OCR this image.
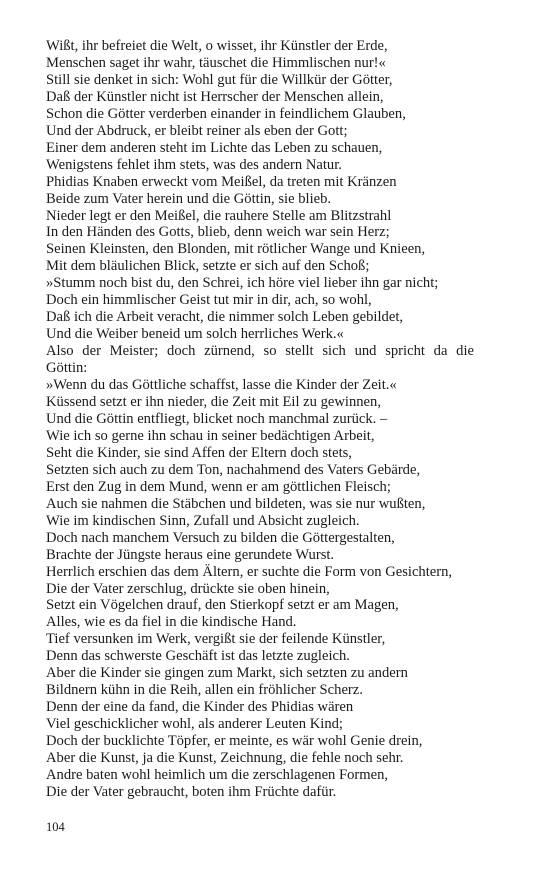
Wißt, ihr befreiet die Welt, o wisset, ihr Künstler der Erde,
Menschen saget ihr wahr, täuschet die Himmlischen nur!«
Still sie denket in sich: Wohl gut für die Willkür der Götter,
Daß der Künstler nicht ist Herrscher der Menschen allein,
Schon die Götter verderben einander in feindlichem Glauben,
Und der Abdruck, er bleibt reiner als eben der Gott;
Einer dem anderen steht im Lichte das Leben zu schauen,
Wenigstens fehlet ihm stets, was des andern Natur.
Phidias Knaben erweckt vom Meißel, da treten mit Kränzen
Beide zum Vater herein und die Göttin, sie blieb.
Nieder legt er den Meißel, die rauhere Stelle am Blitzstrahl
In den Händen des Gotts, blieb, denn weich war sein Herz;
Seinen Kleinsten, den Blonden, mit rötlicher Wange und Knieen,
Mit dem bläulichen Blick, setzte er sich auf den Schoß;
»Stumm noch bist du, den Schrei, ich höre viel lieber ihn gar nicht;
Doch ein himmlischer Geist tut mir in dir, ach, so wohl,
Daß ich die Arbeit veracht, die nimmer solch Leben gebildet,
Und die Weiber beneid um solch herrliches Werk.«
Also der Meister; doch zürnend, so stellt sich und spricht da die
Göttin:
»Wenn du das Göttliche schaffst, lasse die Kinder der Zeit.«
Küssend setzt er ihn nieder, die Zeit mit Eil zu gewinnen,
Und die Göttin entfliegt, blicket noch manchmal zurück. –
Wie ich so gerne ihn schau in seiner bedächtigen Arbeit,
Seht die Kinder, sie sind Affen der Eltern doch stets,
Setzten sich auch zu dem Ton, nachahmend des Vaters Gebärde,
Erst den Zug in dem Mund, wenn er am göttlichen Fleisch;
Auch sie nahmen die Stäbchen und bildeten, was sie nur wußten,
Wie im kindischen Sinn, Zufall und Absicht zugleich.
Doch nach manchem Versuch zu bilden die Göttergestalten,
Brachte der Jüngste heraus eine gerundete Wurst.
Herrlich erschien das dem Ältern, er suchte die Form von Gesichtern,
Die der Vater zerschlug, drückte sie oben hinein,
Setzt ein Vögelchen drauf, den Stierkopf setzt er am Magen,
Alles, wie es da fiel in die kindische Hand.
Tief versunken im Werk, vergißt sie der feilende Künstler,
Denn das schwerste Geschäft ist das letzte zugleich.
Aber die Kinder sie gingen zum Markt, sich setzten zu andern
Bildnern kühn in die Reih, allen ein fröhlicher Scherz.
Denn der eine da fand, die Kinder des Phidias wären
Viel geschicklicher wohl, als anderer Leuten Kind;
Doch der bucklichte Töpfer, er meinte, es wär wohl Genie drein,
Aber die Kunst, ja die Kunst, Zeichnung, die fehle noch sehr.
Andre baten wohl heimlich um die zerschlagenen Formen,
Die der Vater gebraucht, boten ihm Früchte dafür.
104
